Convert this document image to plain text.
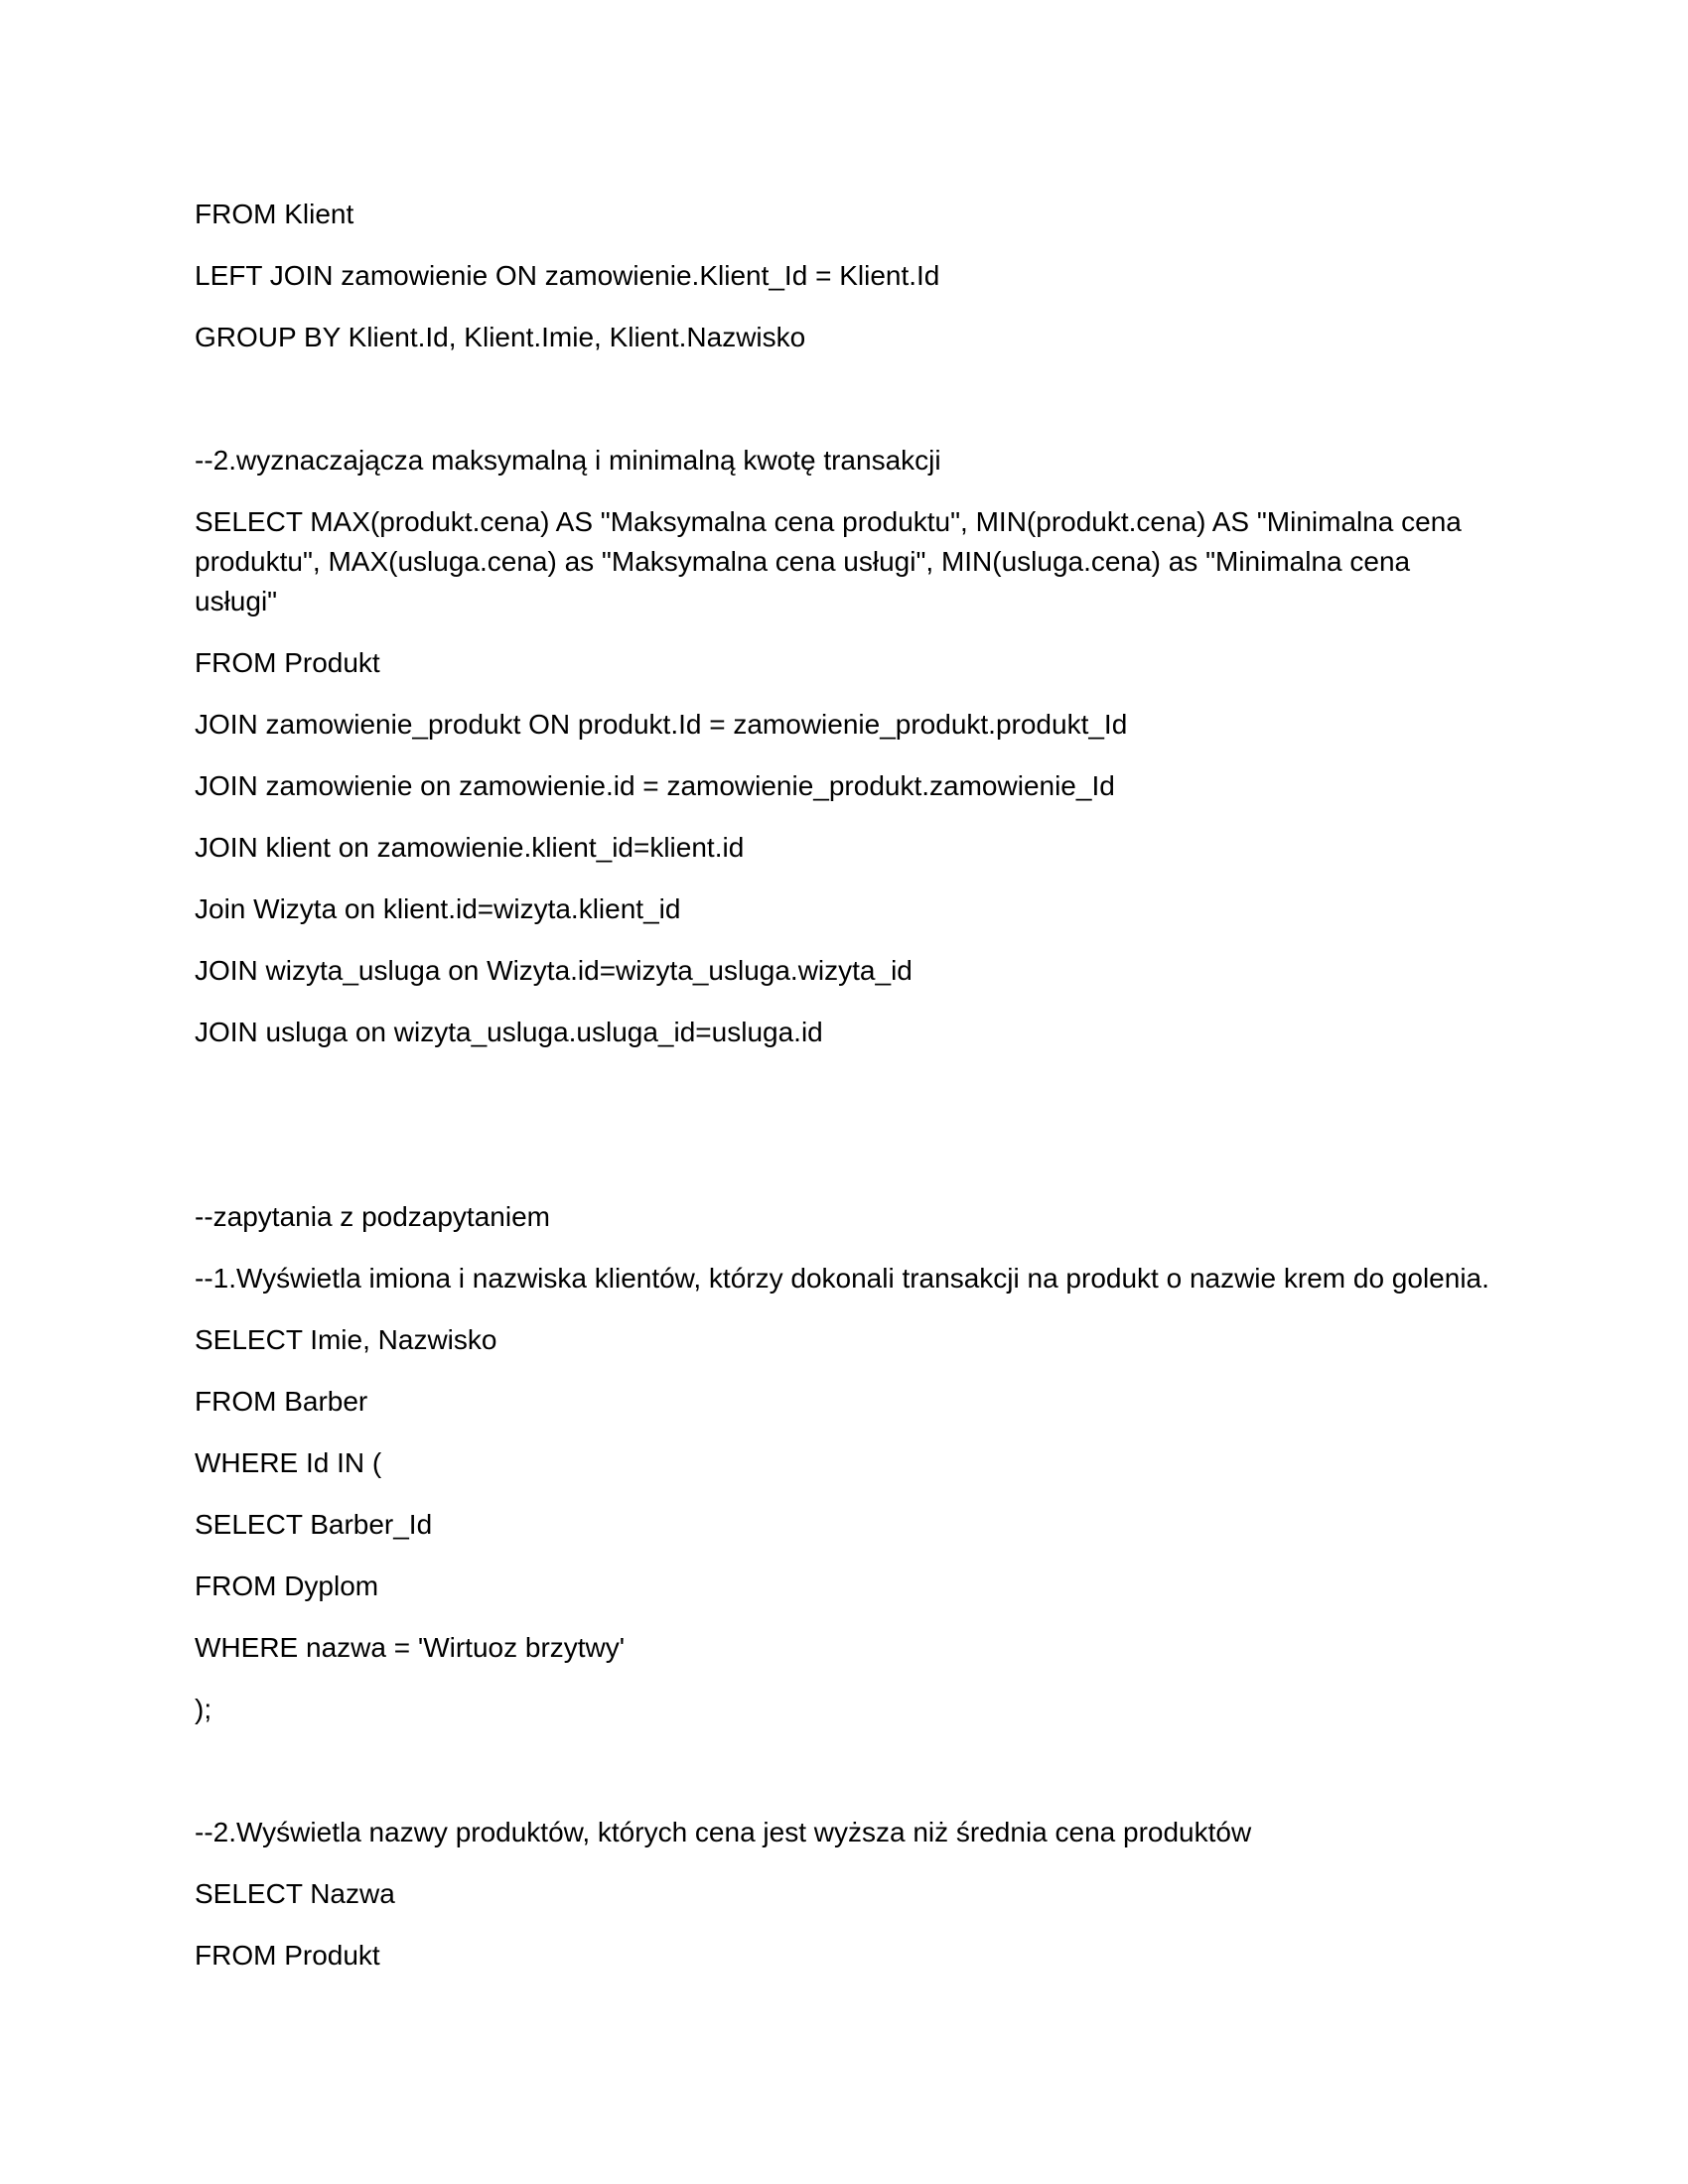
FROM Klient

LEFT JOIN zamowienie ON zamowienie.Klient_Id = Klient.Id

GROUP BY Klient.Id, Klient.Imie, Klient.Nazwisko

--2.wyznaczająсza maksymalną i minimalną kwotę transakcji

SELECT MAX(produkt.cena) AS "Maksymalna cena produktu", MIN(produkt.cena) AS "Minimalna cena

produktu", MAX(usluga.cena) as "Maksymalna cena usługi", MIN(usluga.cena) as "Minimalna cena

usługi"

FROM Produkt

JOIN zamowienie_produkt ON produkt.Id = zamowienie_produkt.produkt_Id

JOIN zamowienie on zamowienie.id = zamowienie_produkt.zamowienie_Id

JOIN klient on zamowienie.klient_id=klient.id

Join Wizyta on klient.id=wizyta.klient_id

JOIN wizyta_usluga on Wizyta.id=wizyta_usluga.wizyta_id

JOIN usluga on wizyta_usluga.usluga_id=usluga.id

--zapytania z podzapytaniem

--1.Wyświetla imiona i nazwiska klientów, którzy dokonali transakcji na produkt o nazwie krem do golenia.

SELECT Imie, Nazwisko

FROM Barber

WHERE Id IN (

SELECT Barber_Id

FROM Dyplom

WHERE nazwa = 'Wirtuoz brzytwy'

);

--2.Wyświetla nazwy produktów, których cena jest wyższa niż średnia cena produktów

SELECT Nazwa

FROM Produkt
